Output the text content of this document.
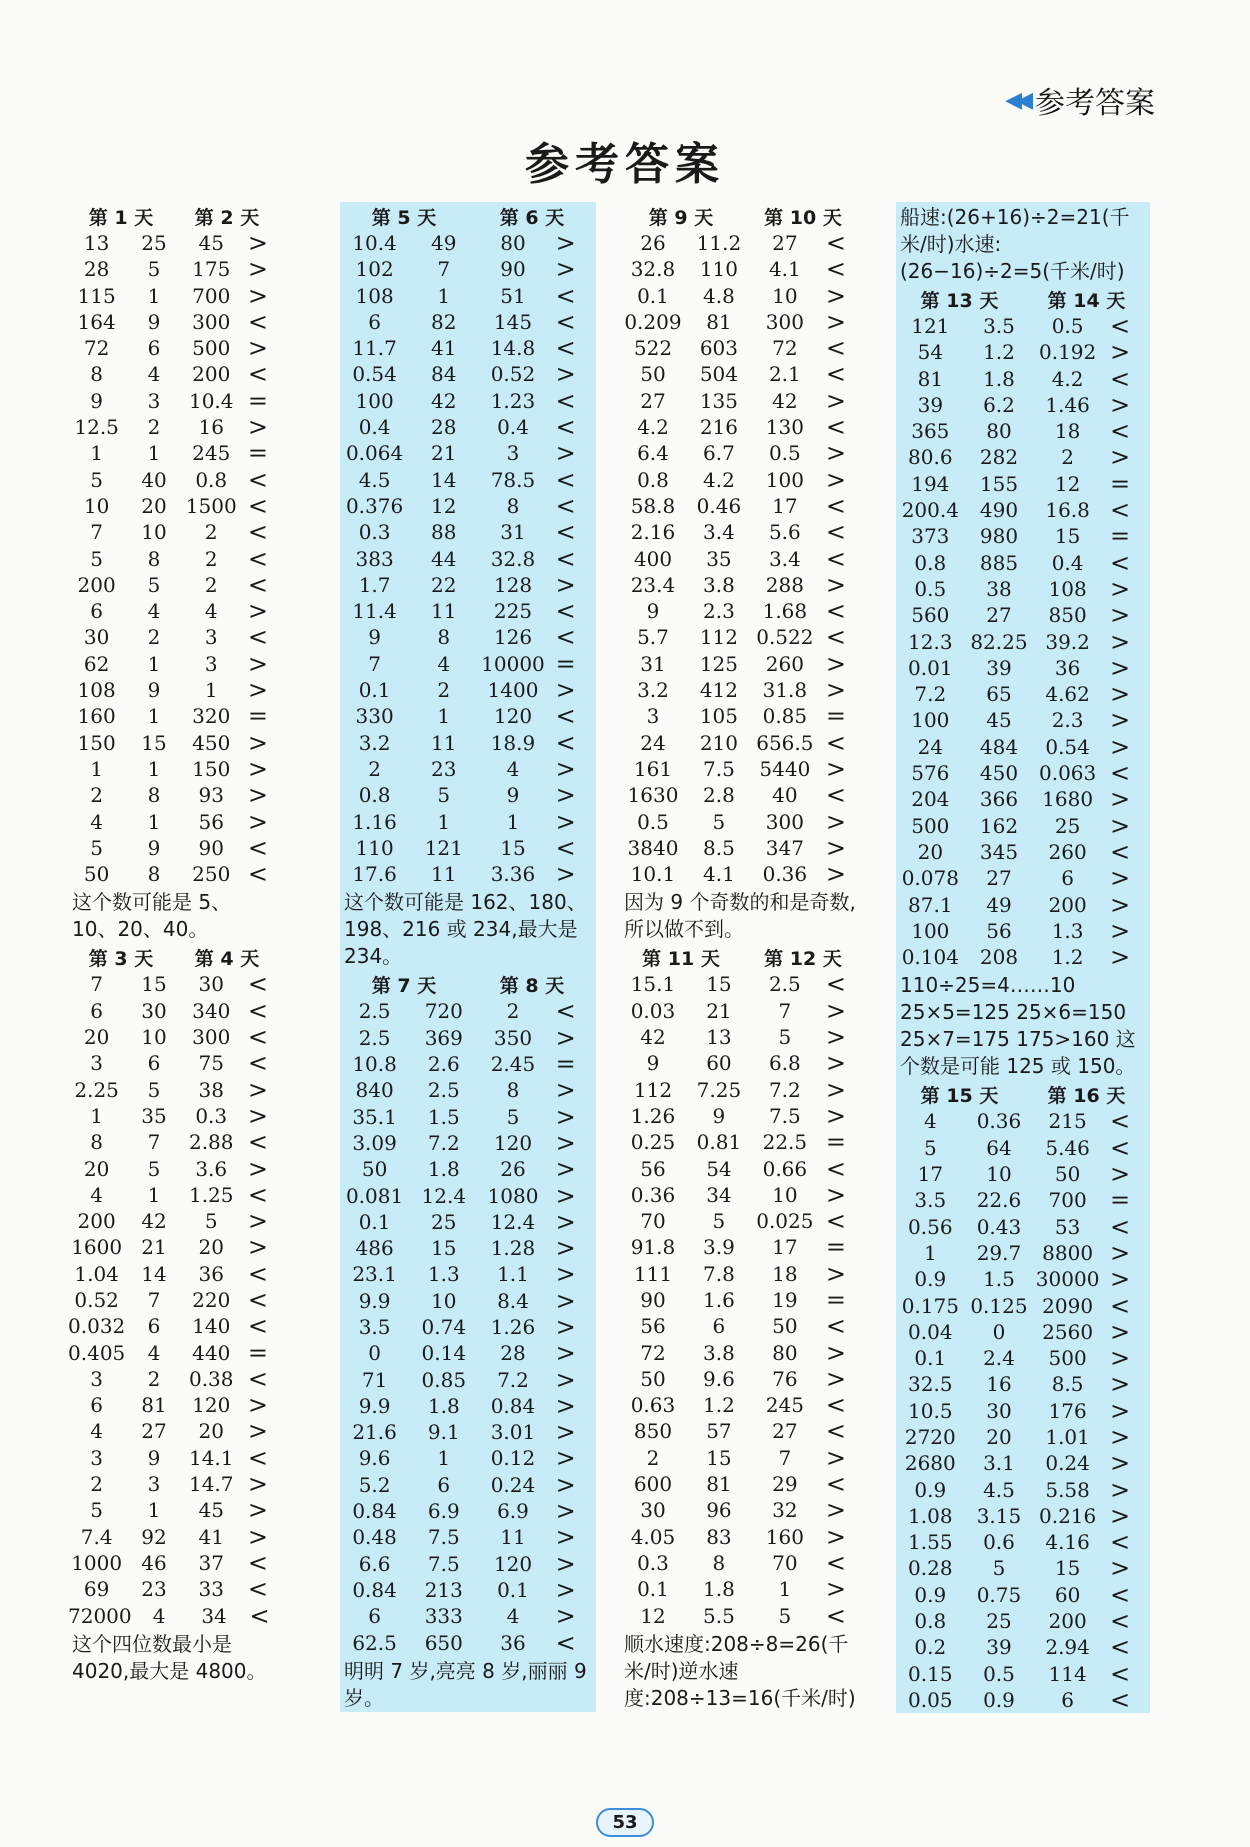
◀◀ 参考答案
参考答案
第 1 天	第 2 天
13	25	45 >
28	5	175 >
115	1	700 >
164	9	300 <
72	6	500 >
8	4	200 <
9	3	10.4 =
12.5	2	16 >
1	1	245 =
5	40	0.8 <
10	20 1500 <
7	10	2	<
5	8	2	<
200	5	2	<
6	4	4	>
30	2	3	<
62	1	3	>
108	9	1	>
160	1	320 =
150	15	450 >
1	1	150 >
2	8	93 >
4	1	56 >
5	9	90 <
50	8	250 <
这个数可能是 5、10、20、40。
第 3 天	第 4 天
7	15	30 <
6	30	340 <
20	10	300 <
3	6	75 <
2.25	5	38 >
1	35	0.3 >
8	7	2.88 <
20	5	3.6 >
4	1	1.25 <
200	42	5	>
1600 21	20 >
1.04	14	36 <
0.52	7	220 <
0.032	6	140 <
0.405	4	440 =
3	2	0.38 <
6	81	120 >
4	27	20 >
3	9	14.1 <
2	3	14.7 >
5	1	45 >
7.4	92	41 >
1000 46	37 <
69	23	33 <
72000	4	34 <
这个四位数最小是 4020,最大是 4800。
第 5 天	第 6 天
10.4	49	80	>
102	7	90	>
108	1	51	<
6	82	145 <
11.7	41	14.8 <
0.54	84	0.52 >
100	42	1.23 <
0.4	28	0.4	<
0.064	21	3	>
4.5	14	78.5 <
0.376	12	8	<
0.3	88	31	<
383	44	32.8 <
1.7	22	128 >
11.4	11	225 <
9	8	126 <
7	4	10000 =
0.1	2	1400 >
330	1	120 <
3.2	11	18.9 <
2	23	4	>
0.8	5	9	>
1.16	1	1	>
110	121	15	<
17.6	11	3.36 >
这个数可能是 162、180、198、216 或 234,最大是 234。
第 7 天	第 8 天
2.5	720	2	<
2.5	369	350 >
10.8	2.6	2.45 =
840	2.5	8	>
35.1	1.5	5	>
3.09	7.2	120 >
50	1.8	26	>
0.081 12.4	1080 >
0.1	25	12.4 >
486	15	1.28 >
23.1	1.3	1.1	>
9.9	10	8.4	>
3.5	0.74	1.26 >
0	0.14	28	>
71	0.85	7.2	>
9.9	1.8	0.84 >
21.6	9.1	3.01 >
9.6	1	0.12 >
5.2	6	0.24 >
0.84	6.9	6.9	>
0.48	7.5	11	>
6.6	7.5	120 >
0.84	213	0.1	>
6	333	4	>
62.5	650	36	<
明明 7 岁,亮亮 8 岁,丽丽 9 岁。
第 9 天	第 10 天
26	11.2	27	<
32.8	110	4.1	<
0.1	4.8	10	>
0.209	81	300 >
522	603	72	<
50	504	2.1	<
27	135	42	>
4.2	216	130 <
6.4	6.7	0.5	>
0.8	4.2	100 >
58.8	0.46	17	<
2.16	3.4	5.6	<
400	35	3.4	<
23.4	3.8	288 >
9	2.3	1.68 <
5.7	112 0.522 <
31	125	260 >
3.2	412	31.8 >
3	105	0.85 =
24	210 656.5 <
161	7.5	5440 >
1630	2.8	40	<
0.5	5	300 >
3840	8.5	347 >
10.1	4.1	0.36 >
因为 9 个奇数的和是奇数,所以做不到。
第 11 天	第 12 天
15.1	15	2.5	<
0.03	21	7	>
42	13	5	>
9	60	6.8	>
112	7.25	7.2	>
1.26	9	7.5	>
0.25	0.81	22.5 =
56	54	0.66 <
0.36	34	10	>
70	5	0.025 <
91.8	3.9	17	=
111	7.8	18	>
90	1.6	19	=
56	6	50	<
72	3.8	80	>
50	9.6	76	>
0.63	1.2	245 <
850	57	27	<
2	15	7	>
600	81	29	<
30	96	32	>
4.05	83	160 >
0.3	8	70	<
0.1	1.8	1	>
12	5.5	5	<
顺水速度:208÷8=26(千米/时)逆水速度:208÷13=16(千米/时)
船速:(26+16)÷2=21(千米/时)水速:(26−16)÷2=5(千米/时)
第 13 天	第 14 天
121	3.5	0.5	<
54	1.2	0.192 >
81	1.8	4.2	<
39	6.2	1.46 >
365	80	18	<
80.6	282	2	>
194	155	12	=
200.4	490	16.8 <
373	980	15	=
0.8	885	0.4	<
0.5	38	108 >
560	27	850 >
12.3 82.25 39.2 >
0.01	39	36	>
7.2	65	4.62 >
100	45	2.3	>
24	484	0.54 >
576	450	0.063 <
204	366	1680 >
500	162	25	>
20	345	260 <
0.078	27	6	>
87.1	49	200 >
100	56	1.3	>
0.104	208	1.2	>
110÷25=4……10 25×5=125 25×6=150 25×7=175 175>160 这个数是可能 125 或 150。
第 15 天	第 16 天
4	0.36	215 <
5	64	5.46 <
17	10	50	>
3.5	22.6	700 =
0.56	0.43	53	<
1	29.7	8800 >
0.9	1.5	30000 >
0.175 0.125 2090 <
0.04	0	2560 >
0.1	2.4	500 >
32.5	16	8.5	>
10.5	30	176 >
2720	20	1.01 >
2680	3.1	0.24 >
0.9	4.5	5.58 >
1.08	3.15 0.216 >
1.55	0.6	4.16 <
0.28	5	15	>
0.9	0.75	60	<
0.8	25	200 <
0.2	39	2.94 <
0.15	0.5	114 <
0.05	0.9	6	<
53
